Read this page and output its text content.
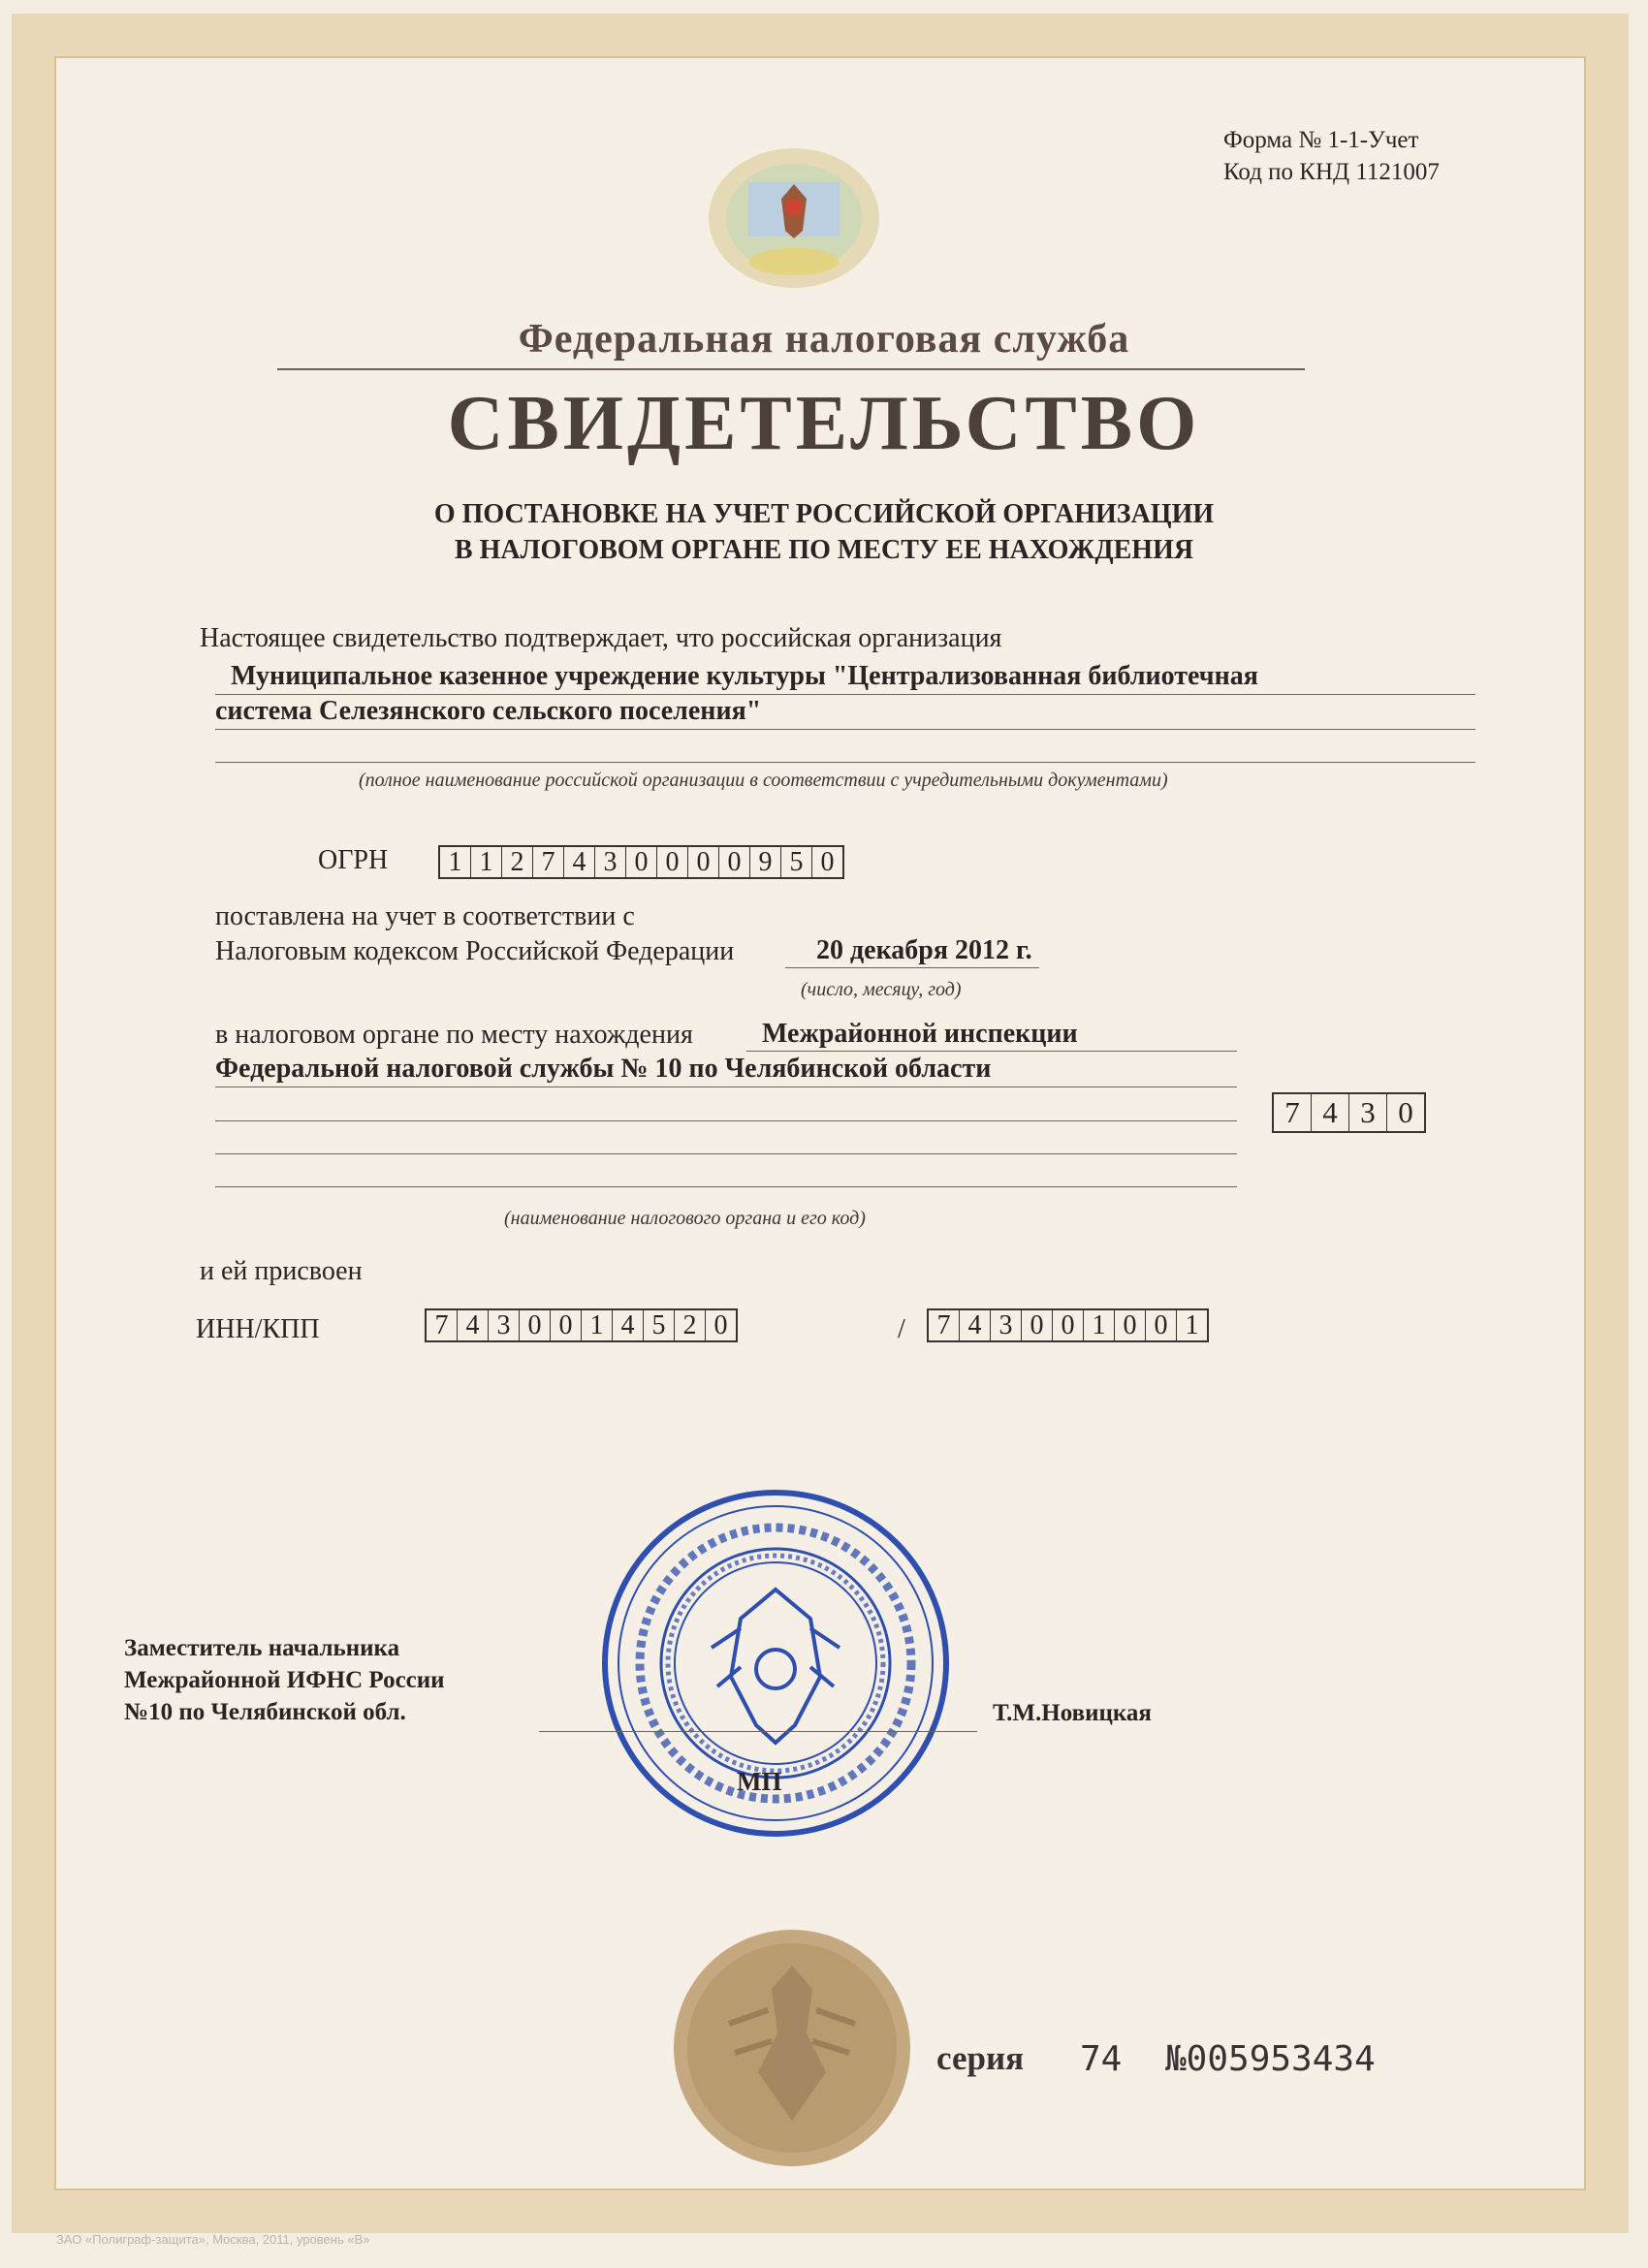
Форма № 1-1-Учет
Код по КНД 1121007
Федеральная налоговая служба
СВИДЕТЕЛЬСТВО
О ПОСТАНОВКЕ НА УЧЕТ РОССИЙСКОЙ ОРГАНИЗАЦИИ
В НАЛОГОВОМ ОРГАНЕ ПО МЕСТУ ЕЕ НАХОЖДЕНИЯ
Настоящее свидетельство подтверждает, что российская организация
Муниципальное казенное учреждение культуры "Централизованная библиотечная
система Селезянского сельского поселения"
(полное наименование российской организации в соответствии с учредительными документами)
ОГРН	1 1 2 7 4 3 0 0 0 0 9 5 0
поставлена на учет в соответствии с
Налоговым кодексом Российской Федерации	20 декабря 2012 г.
(число, месяцу, год)
в налоговом органе по месту нахождения	Межрайонной инспекции
Федеральной налоговой службы № 10 по Челябинской области
7 4 3 0
(наименование налогового органа и его код)
и ей присвоен
ИНН/КПП	7 4 3 0 0 1 4 5 2 0	/	7 4 3 0 0 1 0 0 1
Заместитель начальника
Межрайонной ИФНС России
№10 по Челябинской обл.	Т.М.Новицкая
МП
серия 74 №005953434
ЗАО «Полиграф-защита», Москва, 2011, уровень «В»
